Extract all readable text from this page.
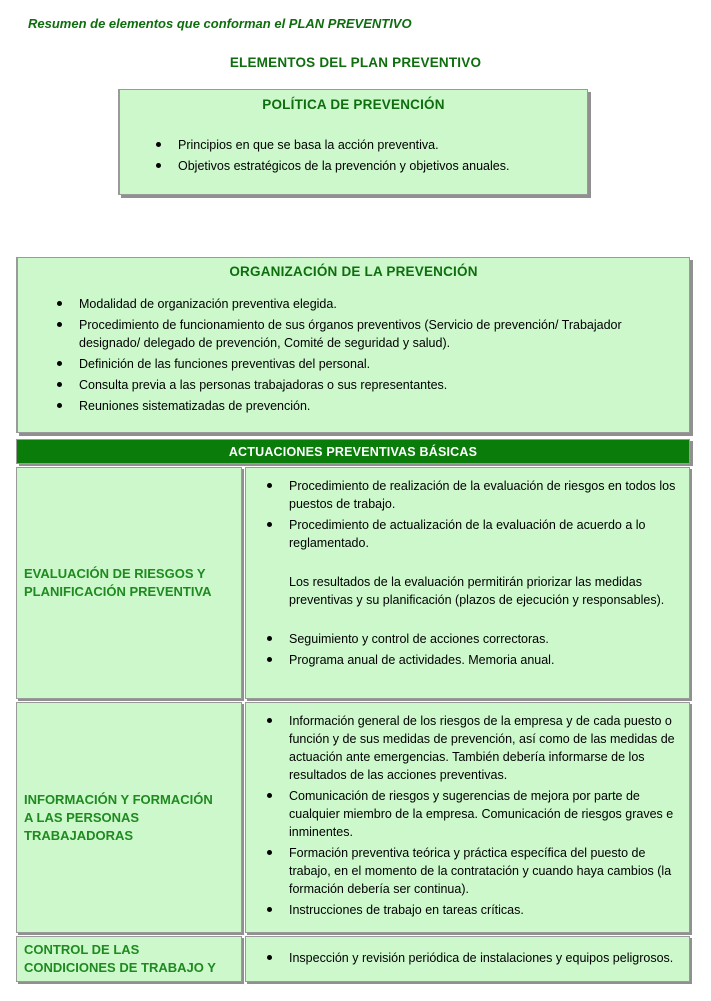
Resumen de elementos que conforman el PLAN PREVENTIVO
ELEMENTOS DEL PLAN PREVENTIVO
POLÍTICA DE PREVENCIÓN
Principios en que se basa la acción preventiva.
Objetivos estratégicos de la prevención y objetivos anuales.
ORGANIZACIÓN DE LA PREVENCIÓN
Modalidad de organización preventiva elegida.
Procedimiento de funcionamiento de sus órganos preventivos (Servicio de prevención/ Trabajador designado/ delegado de prevención, Comité de seguridad y salud).
Definición de las funciones preventivas del personal.
Consulta previa a las personas trabajadoras o sus representantes.
Reuniones sistematizadas de prevención.
ACTUACIONES PREVENTIVAS BÁSICAS
EVALUACIÓN DE RIESGOS Y PLANIFICACIÓN PREVENTIVA
Procedimiento de realización de la evaluación de riesgos en todos los puestos de trabajo.
Procedimiento de actualización de la evaluación de acuerdo a lo reglamentado.
Los resultados de la evaluación permitirán priorizar las medidas preventivas y su planificación (plazos de ejecución y responsables).
Seguimiento y control de acciones correctoras.
Programa anual de actividades. Memoria anual.
INFORMACIÓN Y FORMACIÓN A LAS PERSONAS TRABAJADORAS
Información general de los riesgos de la empresa y de cada puesto o función y de sus medidas de prevención, así como de las medidas de actuación ante emergencias. También debería informarse de los resultados de las acciones preventivas.
Comunicación de riesgos y sugerencias de mejora por parte de cualquier miembro de la empresa. Comunicación de riesgos graves e inminentes.
Formación preventiva teórica y práctica específica del puesto de trabajo, en el momento de la contratación y cuando haya cambios (la formación debería ser continua).
Instrucciones de trabajo en tareas críticas.
CONTROL DE LAS CONDICIONES DE TRABAJO Y
Inspección y revisión periódica de instalaciones y equipos peligrosos.
